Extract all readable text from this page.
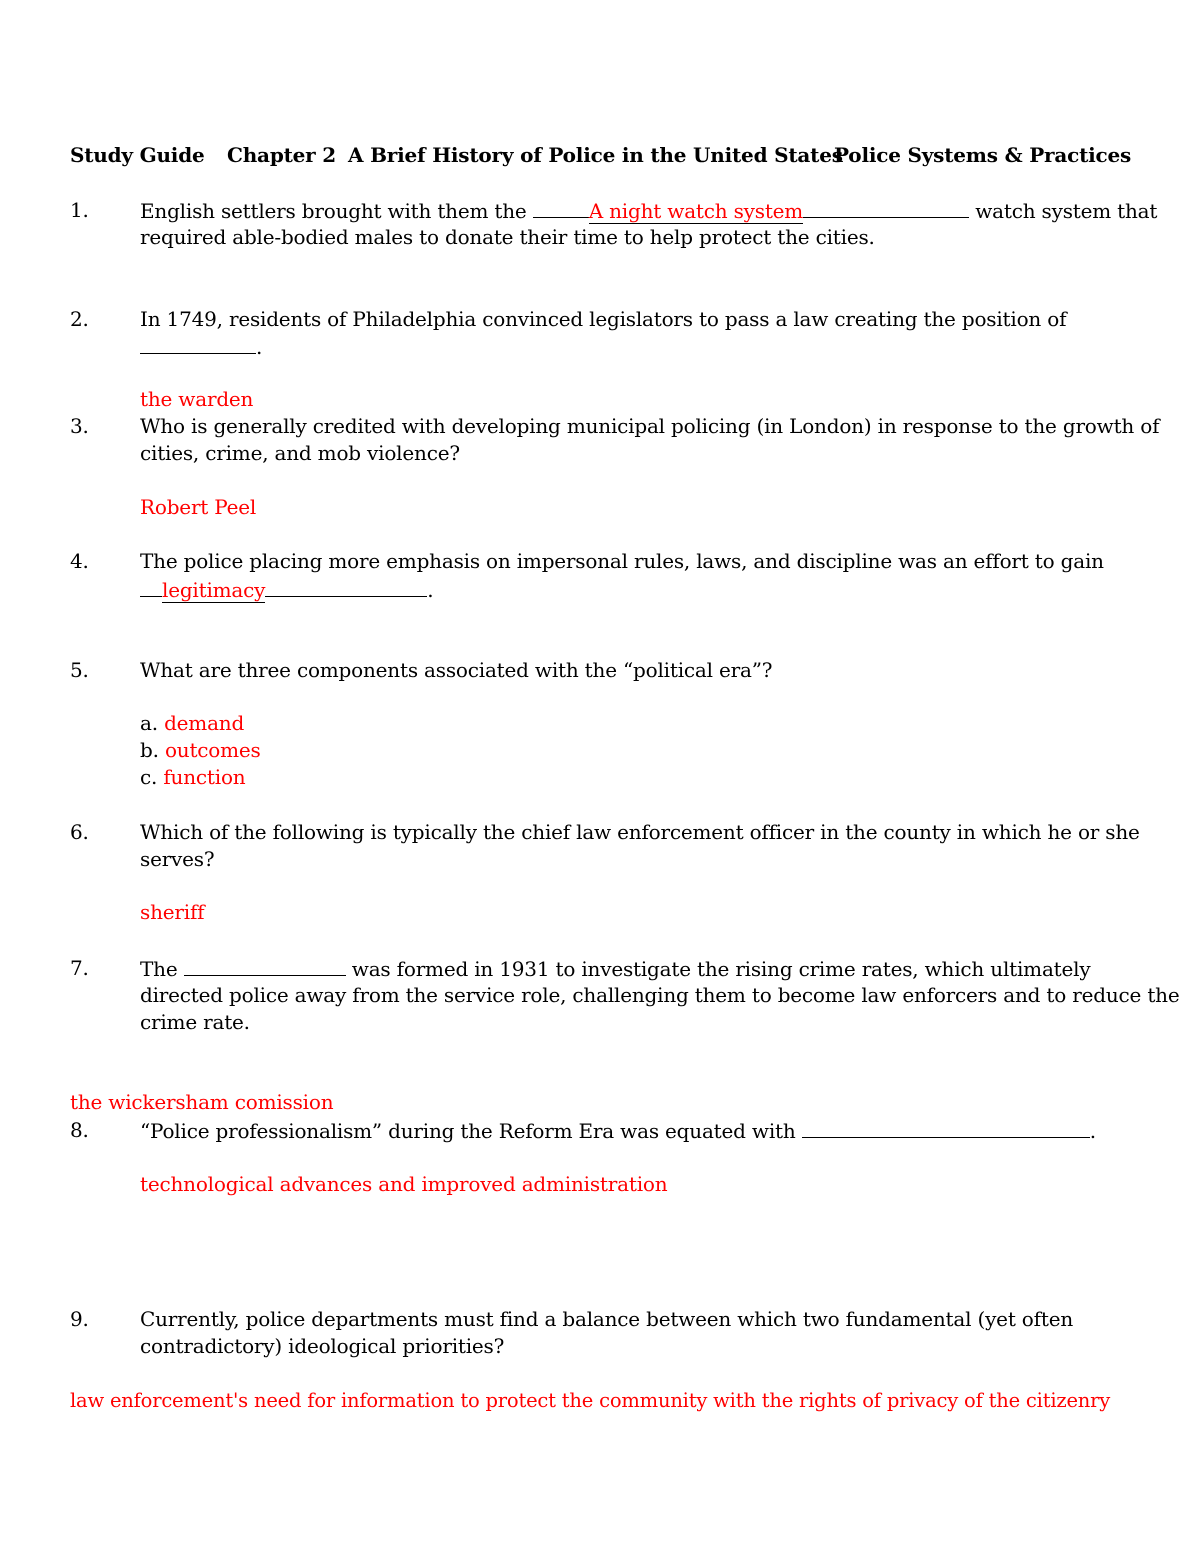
Study Guide Chapter 2 A Brief History of Police in the United States
Police Systems & Practices
1.	English settlers brought with them the	A night watch system	watch system that
required able-bodied males to donate their time to help protect the cities.
2.	In 1749, residents of Philadelphia convinced legislators to pass a law creating the position of
.
the warden
3.	Who is generally credited with developing municipal policing (in London) in response to the growth of
cities, crime, and mob violence?
Robert Peel
4.	The police placing more emphasis on impersonal rules, laws, and discipline was an effort to gain
legitimacy	.
5.	What are three components associated with the “political era”?
a. demand
b. outcomes
c. function
6.	Which of the following is typically the chief law enforcement officer in the county in which he or she
serves?
sheriff
7.	The	was formed in 1931 to investigate the rising crime rates, which ultimately
directed police away from the service role, challenging them to become law enforcers and to reduce the
crime rate.
the wickersham comission
8.	“Police professionalism” during the Reform Era was equated with	.
technological advances and improved administration
9.	Currently, police departments must find a balance between which two fundamental (yet often
contradictory) ideological priorities?
law enforcement's need for information to protect the community with the rights of privacy of the citizenry
